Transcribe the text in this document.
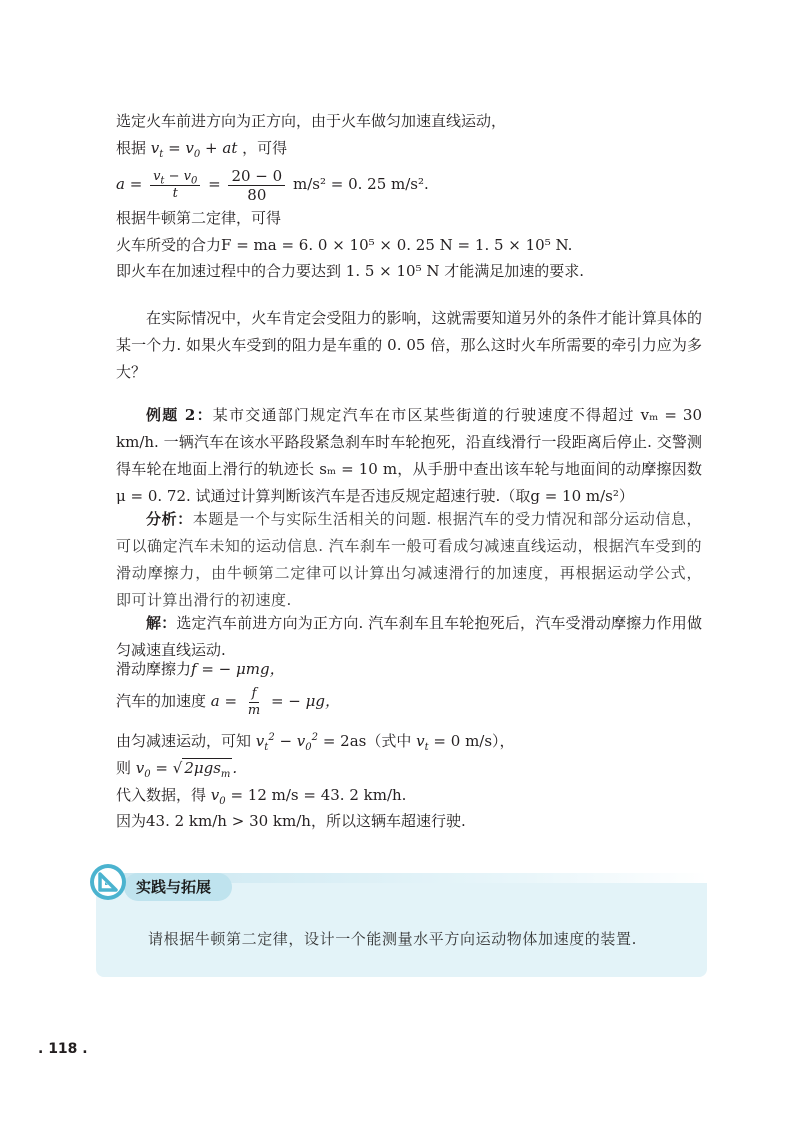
选定火车前进方向为正方向，由于火车做匀加速直线运动，
根据 $v_t = v_0$ + at ，可得
$a = \frac{v_t - v_0}{t} = \frac{20 - 0}{80} m/s^2 = 0$. 25 m/s².
根据牛顿第二定律，可得
火车所受的合力F = ma = 6. 0 × 10⁵ × 0. 25 N = 1. 5 × 10⁵ N.
即火车在加速过程中的合力要达到 1. 5 × 10⁵ N 才能满足加速的要求.
在实际情况中，火车肯定会受阻力的影响，这就需要知道另外的条件才能计算具体的某一个力. 如果火车受到的阻力是车重的 0. 05 倍，那么这时火车所需要的牵引力应为多大？
例题 2：某市交通部门规定汽车在市区某些街道的行驶速度不得超过 vₘ = 30 km/h. 一辆汽车在该水平路段紧急刹车时车轮抱死，沿直线滑行一段距离后停止. 交警测得车轮在地面上滑行的轨迹长 sₘ = 10 m，从手册中查出该车轮与地面间的动摩擦因数 μ = 0. 72. 试通过计算判断该汽车是否违反规定超速行驶.（取g = 10 m/s²）
分析：本题是一个与实际生活相关的问题. 根据汽车的受力情况和部分运动信息，可以确定汽车未知的运动信息. 汽车刹车一般可看成匀减速直线运动，根据汽车受到的滑动摩擦力，由牛顿第二定律可以计算出匀减速滑行的加速度，再根据运动学公式，即可计算出滑行的初速度.
解：选定汽车前进方向为正方向. 汽车刹车且车轮抱死后，汽车受滑动摩擦力作用做匀减速直线运动.
滑动摩擦力f = − μmg，
汽车的加速度 $a = \frac{f}{m}$ = − μg，
由匀减速运动，可知 $v_t^2 - v_0^2 = 2as$（式中 $v_t = 0$ m/s），
则 $v_0$ = √ 2μgs$_m$ .
代入数据，得 $v_0 = 12$ m/s = 43. 2 km/h.
因为43. 2 km/h > 30 km/h，所以这辆车超速行驶.
实践与拓展
请根据牛顿第二定律，设计一个能测量水平方向运动物体加速度的装置.
. 118 .
